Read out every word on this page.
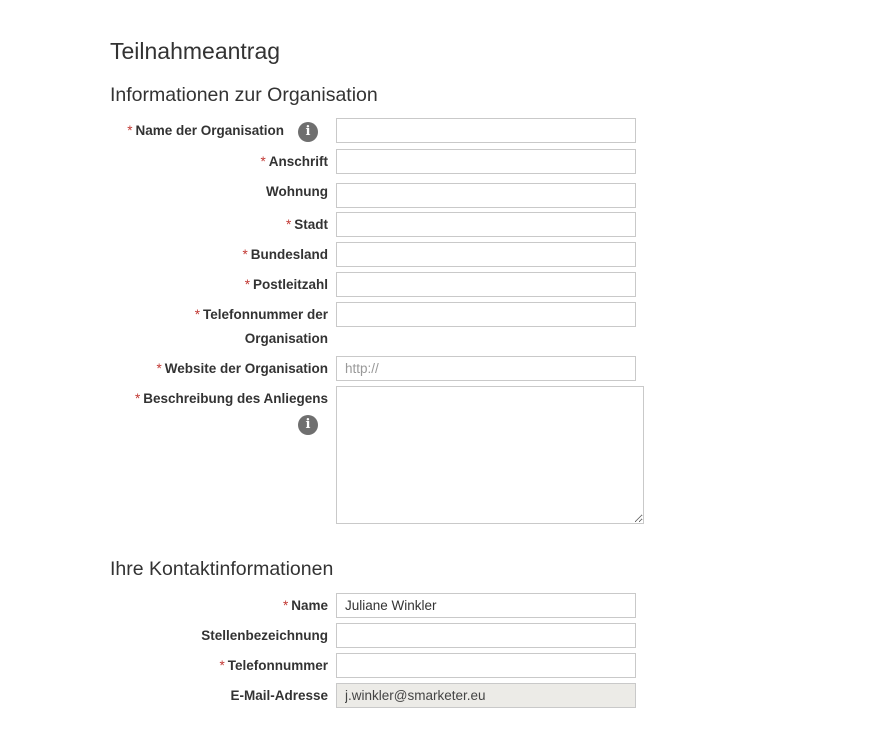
Teilnahmeantrag
Informationen zur Organisation
* Name der Organisation	i
* Anschrift
Wohnung
* Stadt
* Bundesland
* Postleitzahl
* Telefonnummer der Organisation
* Website der Organisation
http://
* Beschreibung des Anliegens
i
Ihre Kontaktinformationen
* Name
Juliane Winkler
Stellenbezeichnung
* Telefonnummer
E-Mail-Adresse
j.winkler@smarketer.eu
